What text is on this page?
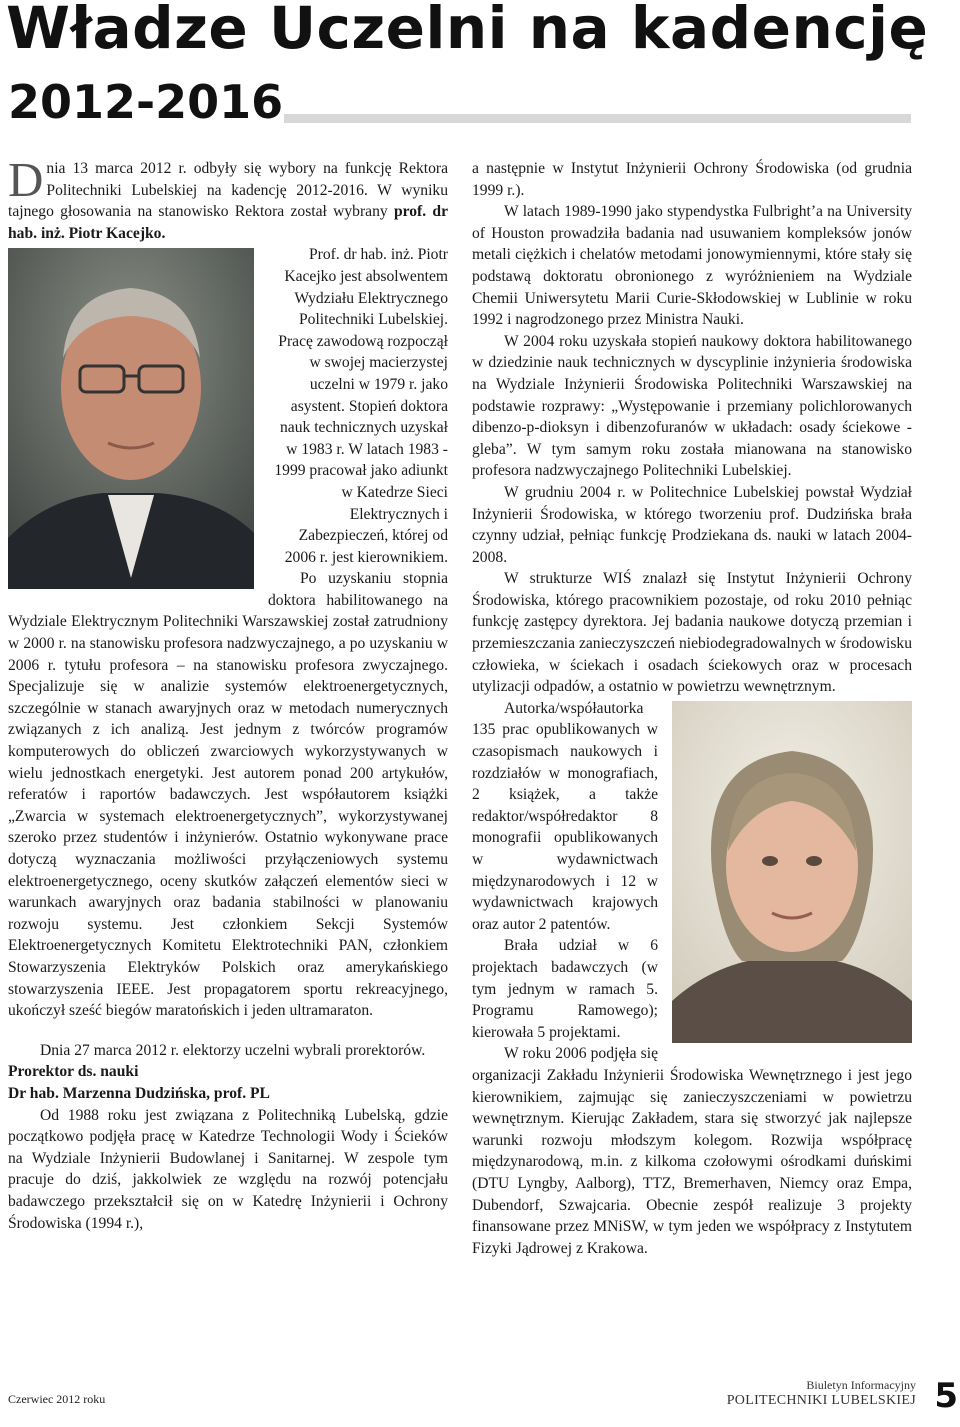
Władze Uczelni na kadencję
2012-2016

Dnia 13 marca 2012 r. odbyły się wybory na funkcję Rektora Politechniki Lubelskiej na kadencję 2012-2016. W wyniku tajnego głosowania na stanowisko Rektora został wybrany prof. dr hab. inż. Piotr Kacejko.

Prof. dr hab. inż. Piotr Kacejko jest absolwentem Wydziału Elektrycznego Politechniki Lubelskiej. Pracę zawodową rozpoczął w swojej macierzystej uczelni w 1979 r. jako asystent. Stopień doktora nauk technicznych uzyskał w 1983 r. W latach 1983 - 1999 pracował jako adiunkt w Katedrze Sieci Elektrycznych i Zabezpieczeń, której od 2006 r. jest kierownikiem.

Po uzyskaniu stopnia doktora habilitowanego na Wydziale Elektrycznym Politechniki Warszawskiej został zatrudniony w 2000 r. na stanowisku profesora nadzwyczajnego, a po uzyskaniu w 2006 r. tytułu profesora – na stanowisku profesora zwyczajnego. Specjalizuje się w analizie systemów elektroenergetycznych, szczególnie w stanach awaryjnych oraz w metodach numerycznych związanych z ich analizą. Jest jednym z twórców programów komputerowych do obliczeń zwarciowych wykorzystywanych w wielu jednostkach energetyki. Jest autorem ponad 200 artykułów, referatów i raportów badawczych. Jest współautorem książki „Zwarcia w systemach elektroenergetycznych”, wykorzystywanej szeroko przez studentów i inżynierów. Ostatnio wykonywane prace dotyczą wyznaczania możliwości przyłączeniowych systemu elektroenergetycznego, oceny skutków załączeń elementów sieci w warunkach awaryjnych oraz badania stabilności w planowaniu rozwoju systemu. Jest członkiem Sekcji Systemów Elektroenergetycznych Komitetu Elektrotechniki PAN, członkiem Stowarzyszenia Elektryków Polskich oraz amerykańskiego stowarzyszenia IEEE. Jest propagatorem sportu rekreacyjnego, ukończył sześć biegów maratońskich i jeden ultramaraton.

Dnia 27 marca 2012 r. elektorzy uczelni wybrali prorektorów.

Prorektor ds. nauki

Dr hab. Marzenna Dudzińska, prof. PL

Od 1988 roku jest związana z Politechniką Lubelską, gdzie początkowo podjęła pracę w Katedrze Technologii Wody i Ścieków na Wydziale Inżynierii Budowlanej i Sanitarnej. W zespole tym pracuje do dziś, jakkolwiek ze względu na rozwój potencjału badawczego przekształcił się on w Katedrę Inżynierii i Ochrony Środowiska (1994 r.),

a następnie w Instytut Inżynierii Ochrony Środowiska (od grudnia 1999 r.).

W latach 1989-1990 jako stypendystka Fulbright’a na University of Houston prowadziła badania nad usuwaniem kompleksów jonów metali ciężkich i chelatów metodami jonowymiennymi, które stały się podstawą doktoratu obronionego z wyróżnieniem na Wydziale Chemii Uniwersytetu Marii Curie-Skłodowskiej w Lublinie w roku 1992 i nagrodzonego przez Ministra Nauki.

W 2004 roku uzyskała stopień naukowy doktora habilitowanego w dziedzinie nauk technicznych w dyscyplinie inżynieria środowiska na Wydziale Inżynierii Środowiska Politechniki Warszawskiej na podstawie rozprawy: „Występowanie i przemiany polichlorowanych dibenzo-p-dioksyn i dibenzofuranów w układach: osady ściekowe - gleba”. W tym samym roku została mianowana na stanowisko profesora nadzwyczajnego Politechniki Lubelskiej.

W grudniu 2004 r. w Politechnice Lubelskiej powstał Wydział Inżynierii Środowiska, w którego tworzeniu prof. Dudzińska brała czynny udział, pełniąc funkcję Prodziekana ds. nauki w latach 2004-2008.

W strukturze WIŚ znalazł się Instytut Inżynierii Ochrony Środowiska, którego pracownikiem pozostaje, od roku 2010 pełniąc funkcję zastępcy dyrektora. Jej badania naukowe dotyczą przemian i przemieszczania zanieczyszczeń niebiodegradowalnych w środowisku człowieka, w ściekach i osadach ściekowych oraz w procesach utylizacji odpadów, a ostatnio w powietrzu wewnętrznym.

Autorka/współautorka 135 prac opublikowanych w czasopismach naukowych i rozdziałów w monografiach, 2 książek, a także redaktor/współredaktor 8 monografii opublikowanych w wydawnictwach międzynarodowych i 12 w wydawnictwach krajowych oraz autor 2 patentów.

Brała udział w 6 projektach badawczych (w tym jednym w ramach 5. Programu Ramowego); kierowała 5 projektami.

W roku 2006 podjęła się organizacji Zakładu Inżynierii Środowiska Wewnętrznego i jest jego kierownikiem, zajmując się zanieczyszczeniami w powietrzu wewnętrznym. Kierując Zakładem, stara się stworzyć jak najlepsze warunki rozwoju młodszym kolegom. Rozwija współpracę międzynarodową, m.in. z kilkoma czołowymi ośrodkami duńskimi (DTU Lyngby, Aalborg), TTZ, Bremerhaven, Niemcy oraz Empa, Dubendorf, Szwajcaria. Obecnie zespół realizuje 3 projekty finansowane przez MNiSW, w tym jeden we współpracy z Instytutem Fizyki Jądrowej z Krakowa.

Czerwiec 2012 roku
Biuletyn Informacyjny
POLITECHNIKI LUBELSKIEJ 5
